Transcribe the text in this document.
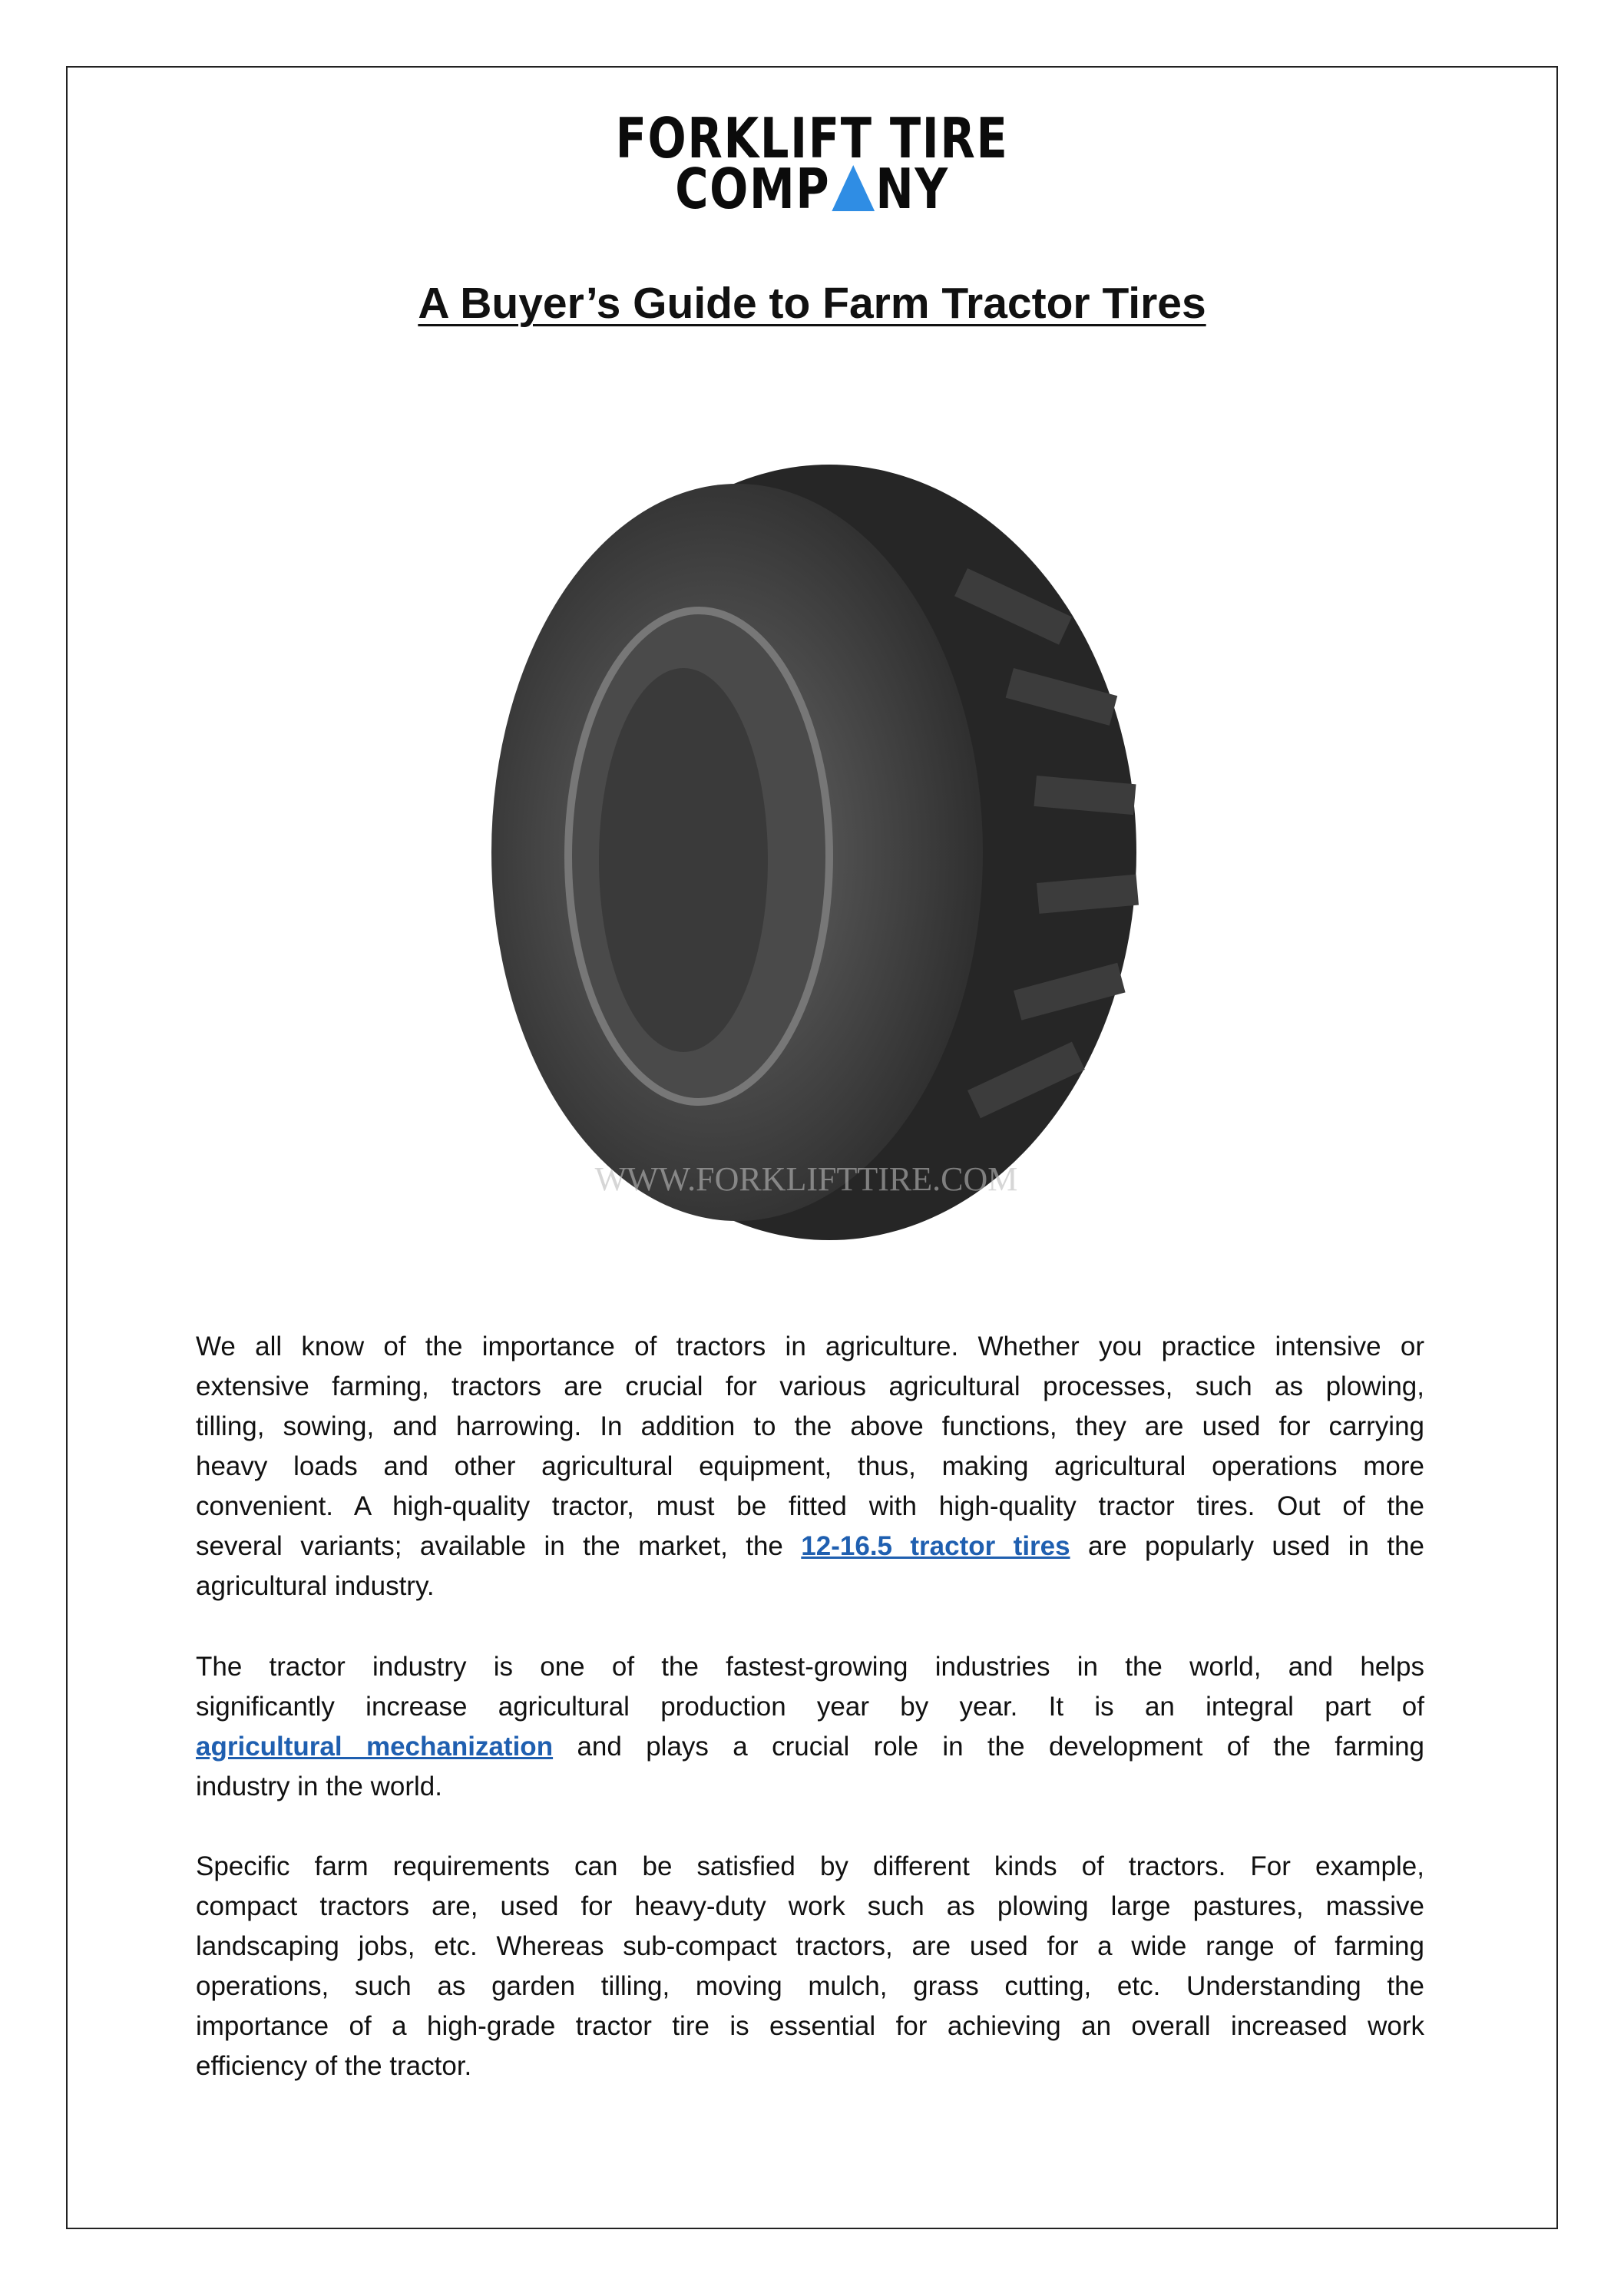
FORKLIFT TIRE
COMP NY
A Buyer’s Guide to Farm Tractor Tires
WWW.FORKLIFTTIRE.COM
We all know of the importance of tractors in agriculture. Whether you practice intensive or
extensive farming, tractors are crucial for various agricultural processes, such as plowing,
tilling, sowing, and harrowing. In addition to the above functions, they are used for carrying
heavy loads and other agricultural equipment, thus, making agricultural operations more
convenient. A high-quality tractor, must be fitted with high-quality tractor tires. Out of the
several variants; available in the market, the 12-16.5 tractor tires are popularly used in the
agricultural industry.
The tractor industry is one of the fastest-growing industries in the world, and helps
significantly increase agricultural production year by year. It is an integral part of
agricultural mechanization and plays a crucial role in the development of the farming
industry in the world.
Specific farm requirements can be satisfied by different kinds of tractors. For example,
compact tractors are, used for heavy-duty work such as plowing large pastures, massive
landscaping jobs, etc. Whereas sub-compact tractors, are used for a wide range of farming
operations, such as garden tilling, moving mulch, grass cutting, etc. Understanding the
importance of a high-grade tractor tire is essential for achieving an overall increased work
efficiency of the tractor.
